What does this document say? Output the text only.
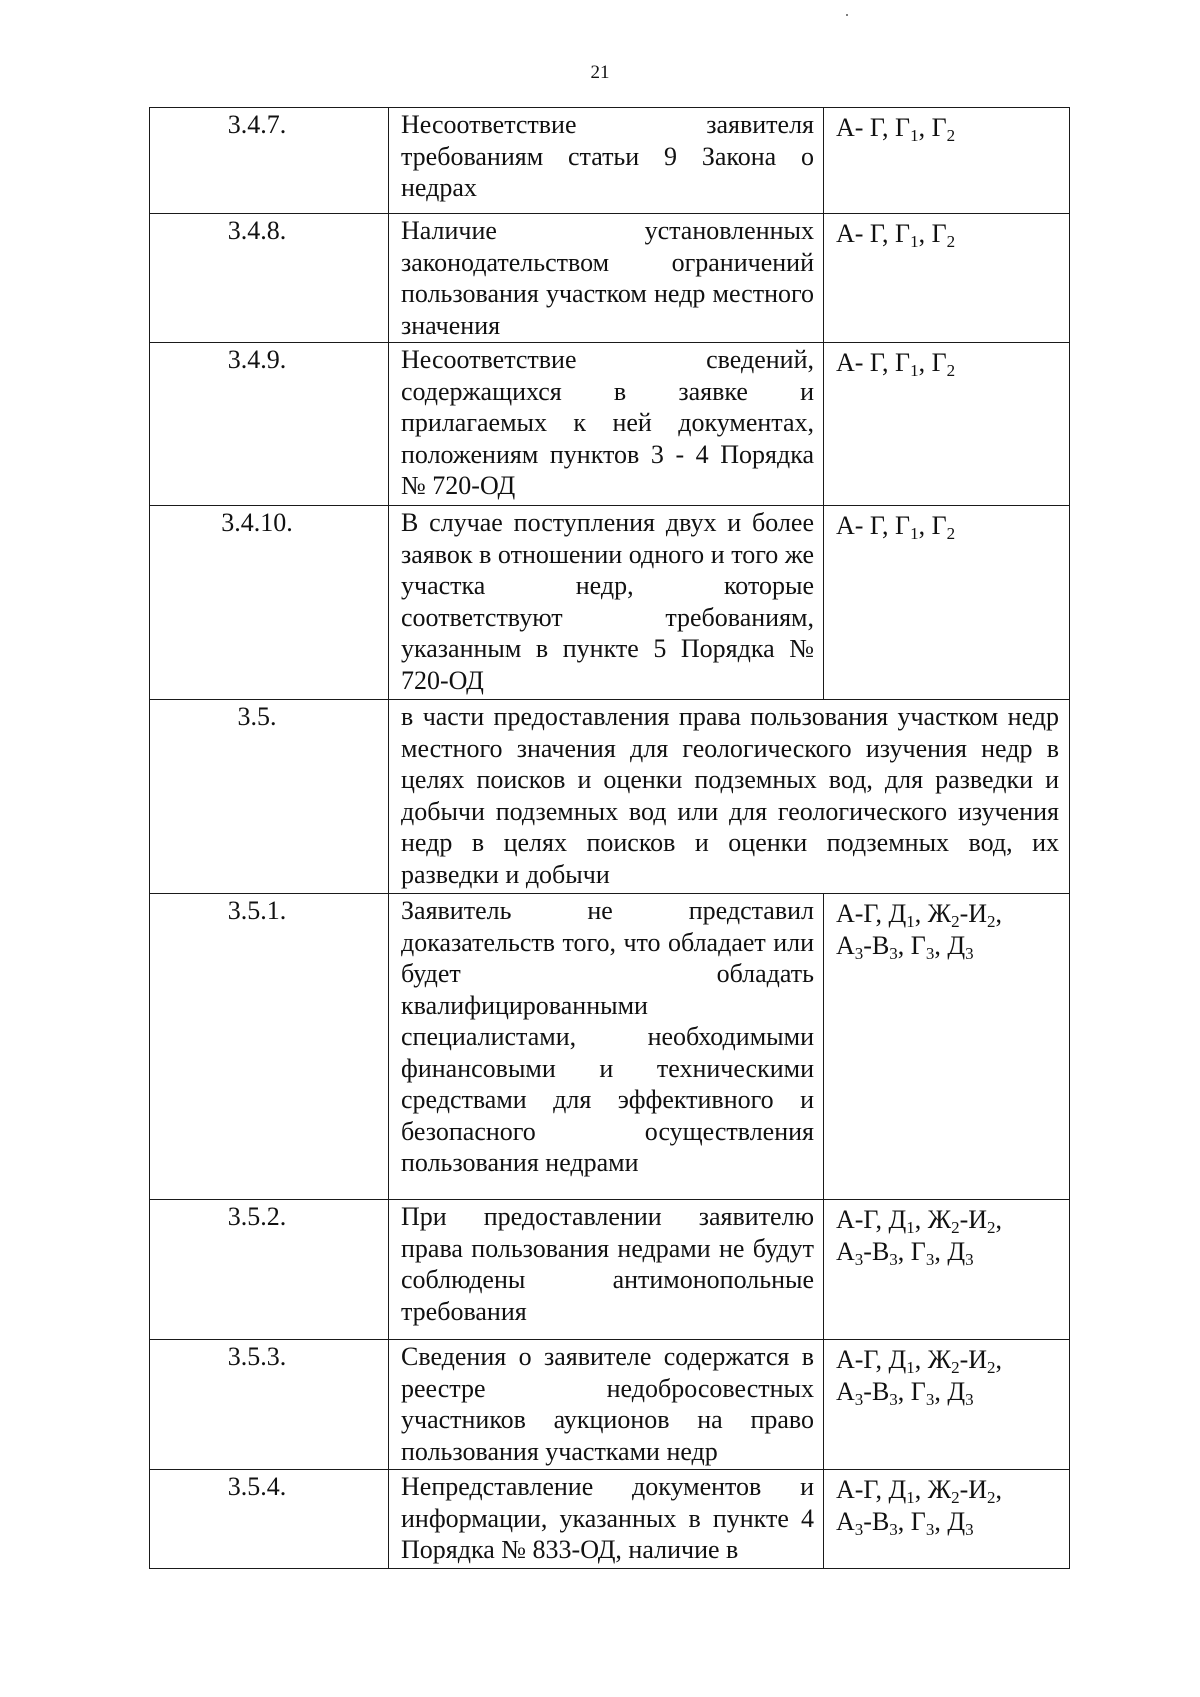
21
3.4.7.	Несоответствие заявителя требованиям статьи 9 Закона о недрах	А- Г, $Г_1$, $Г_2$

3.4.8.	Наличие установленных законодательством ограничений пользования участком недр местного значения	А- Г, $Г_1$, $Г_2$

3.4.9.	Несоответствие сведений, содержащихся в заявке и прилагаемых к ней документах, положениям пунктов 3 - 4 Порядка № 720-ОД	А- Г, $Г_1$, $Г_2$

3.4.10.	В случае поступления двух и более заявок в отношении одного и того же участка недр, которые соответствуют требованиям, указанным в пункте 5 Порядка № 720-ОД	А- Г, $Г_1$, $Г_2$

3.5.	в части предоставления права пользования участком недр местного значения для геологического изучения недр в целях поисков и оценки подземных вод, для разведки и добычи подземных вод или для геологического изучения недр в целях поисков и оценки подземных вод, их разведки и добычи	
3.5.1.	Заявитель не представил доказательств того, что обладает или будет обладать квалифицированными специалистами, необходимыми финансовыми и техническими средствами для эффективного и безопасного осуществления пользования недрами	А-Г, $Д_1$, $Ж_2-И_2$,
$А_3-В_3$, $Г_3$, $Д_3$

3.5.2.	При предоставлении заявителю права пользования недрами не будут соблюдены антимонопольные требования	А-Г, $Д_1$, $Ж_2-И_2$,
$А_3-В_3$, $Г_3$, $Д_3$

3.5.3.	Сведения о заявителе содержатся в реестре недобросовестных участников аукционов на право пользования участками недр	А-Г, $Д_1$, $Ж_2-И_2$,
$А_3-В_3$, $Г_3$, $Д_3$

3.5.4.	Непредставление документов и информации, указанных в пункте 4 Порядка № 833-ОД, наличие в	А-Г, $Д_1$, $Ж_2-И_2$,
$А_3-В_3$, $Г_3$, $Д_3$
